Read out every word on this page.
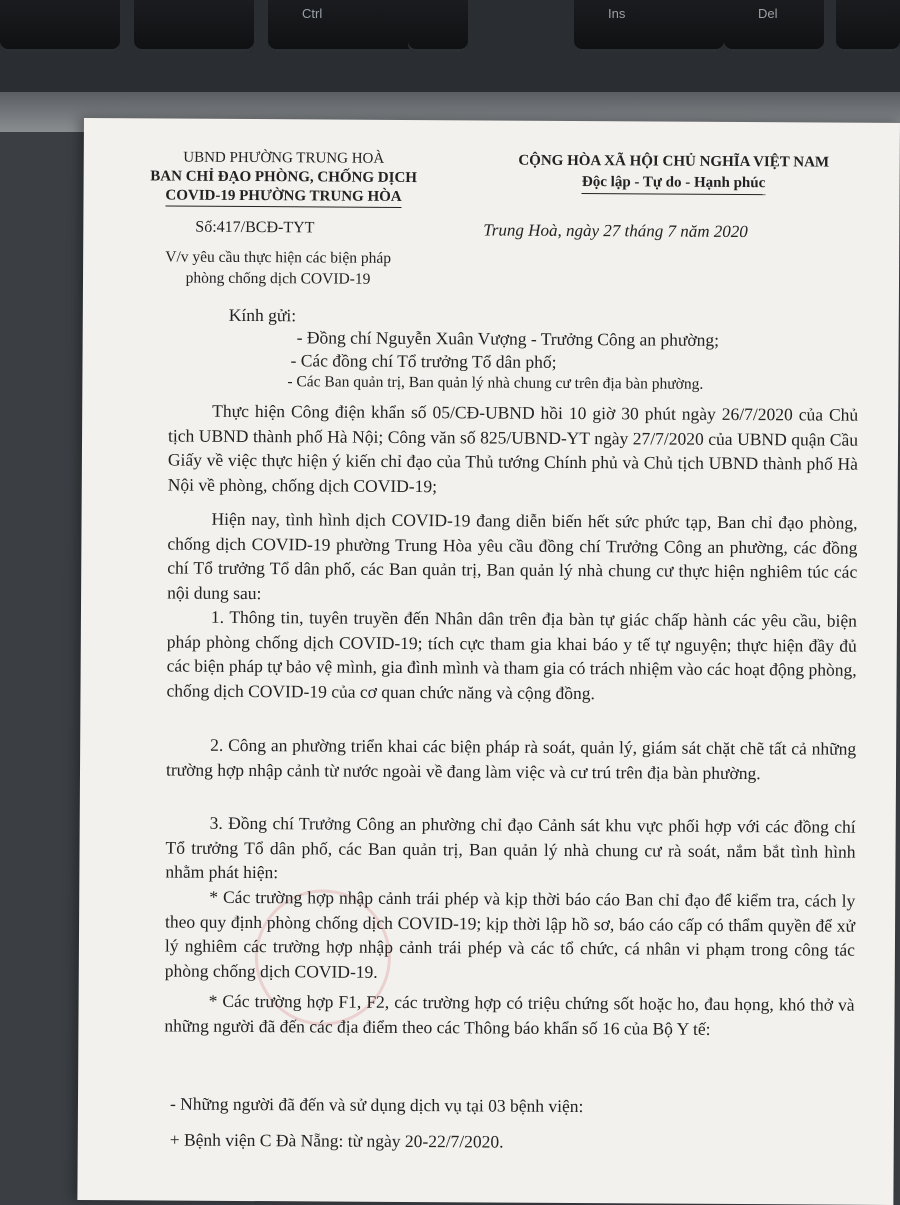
Ctrl	Ins	Del
UBND PHƯỜNG TRUNG HOÀ
BAN CHỈ ĐẠO PHÒNG, CHỐNG DỊCH
COVID-19 PHƯỜNG TRUNG HÒA
CỘNG HÒA XÃ HỘI CHỦ NGHĨA VIỆT NAM
Độc lập - Tự do - Hạnh phúc
Số:417/BCĐ-TYT	Trung Hoà, ngày 27 tháng 7 năm 2020
V/v yêu cầu thực hiện các biện pháp
phòng chống dịch COVID-19
Kính gửi:
- Đồng chí Nguyễn Xuân Vượng - Trưởng Công an phường;
- Các đồng chí Tổ trưởng Tổ dân phố;
- Các Ban quản trị, Ban quản lý nhà chung cư trên địa bàn phường.
Thực hiện Công điện khẩn số 05/CĐ-UBND hồi 10 giờ 30 phút ngày 26/7/2020 của Chủ tịch UBND thành phố Hà Nội; Công văn số 825/UBND-YT ngày 27/7/2020 của UBND quận Cầu Giấy về việc thực hiện ý kiến chỉ đạo của Thủ tướng Chính phủ và Chủ tịch UBND thành phố Hà Nội về phòng, chống dịch COVID-19;
Hiện nay, tình hình dịch COVID-19 đang diễn biến hết sức phức tạp, Ban chỉ đạo phòng, chống dịch COVID-19 phường Trung Hòa yêu cầu đồng chí Trưởng Công an phường, các đồng chí Tổ trưởng Tổ dân phố, các Ban quản trị, Ban quản lý nhà chung cư thực hiện nghiêm túc các nội dung sau:
1. Thông tin, tuyên truyền đến Nhân dân trên địa bàn tự giác chấp hành các yêu cầu, biện pháp phòng chống dịch COVID-19; tích cực tham gia khai báo y tế tự nguyện; thực hiện đầy đủ các biện pháp tự bảo vệ mình, gia đình mình và tham gia có trách nhiệm vào các hoạt động phòng, chống dịch COVID-19 của cơ quan chức năng và cộng đồng.
2. Công an phường triển khai các biện pháp rà soát, quản lý, giám sát chặt chẽ tất cả những trường hợp nhập cảnh từ nước ngoài về đang làm việc và cư trú trên địa bàn phường.
3. Đồng chí Trưởng Công an phường chỉ đạo Cảnh sát khu vực phối hợp với các đồng chí Tổ trưởng Tổ dân phố, các Ban quản trị, Ban quản lý nhà chung cư rà soát, nắm bắt tình hình nhằm phát hiện:
* Các trường hợp nhập cảnh trái phép và kịp thời báo cáo Ban chỉ đạo để kiểm tra, cách ly theo quy định phòng chống dịch COVID-19; kịp thời lập hồ sơ, báo cáo cấp có thẩm quyền để xử lý nghiêm các trường hợp nhập cảnh trái phép và các tổ chức, cá nhân vi phạm trong công tác phòng chống dịch COVID-19.
* Các trường hợp F1, F2, các trường hợp có triệu chứng sốt hoặc ho, đau họng, khó thở và những người đã đến các địa điểm theo các Thông báo khẩn số 16 của Bộ Y tế:
- Những người đã đến và sử dụng dịch vụ tại 03 bệnh viện:
+ Bệnh viện C Đà Nẵng: từ ngày 20-22/7/2020.
